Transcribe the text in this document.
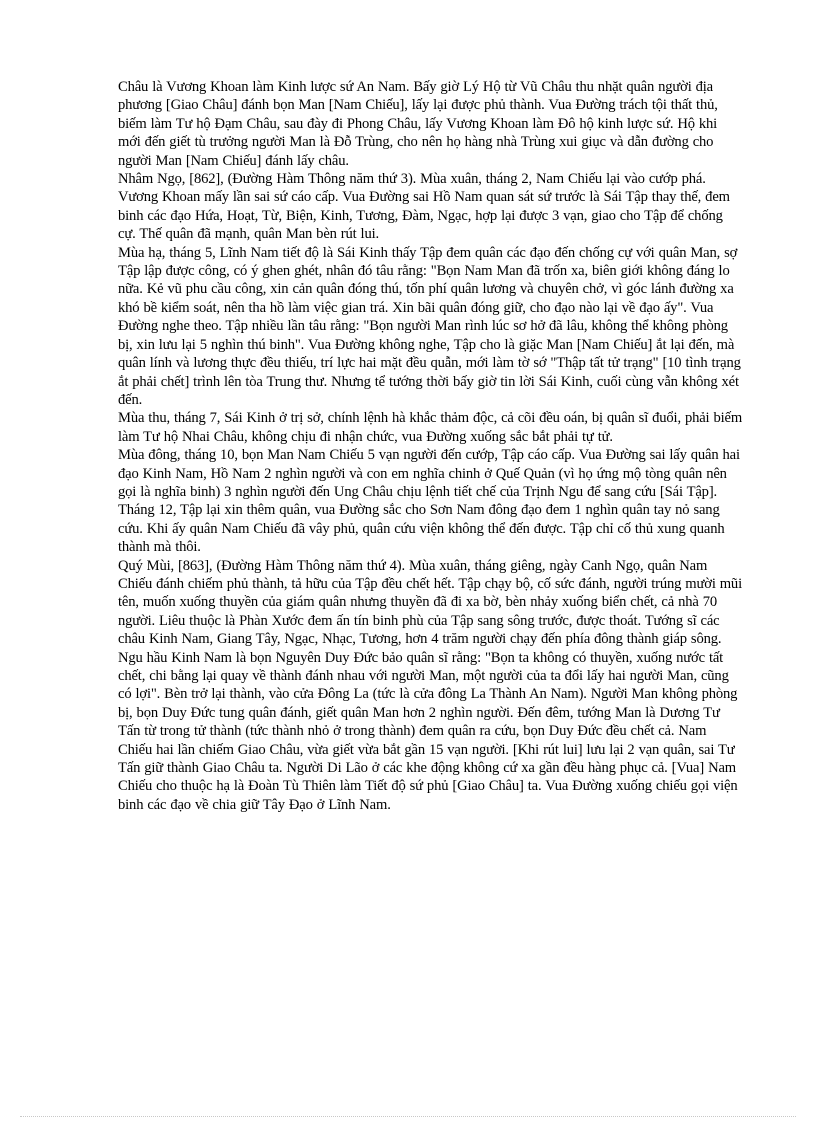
Châu là Vương Khoan làm Kinh lược sứ An Nam. Bấy giờ Lý Hộ từ Vũ Châu thu nhặt quân người địa phương [Giao Châu] đánh bọn Man [Nam Chiếu], lấy lại được phủ thành. Vua Đường trách tội thất thủ, biếm làm Tư hộ Đạm Châu, sau đày đi Phong Châu, lấy Vương Khoan làm Đô hộ kinh lược sứ. Hộ khi mới đến giết tù trưởng người Man là Đỗ Trùng, cho nên họ hàng nhà Trùng xui giục và dẫn đường cho người Man [Nam Chiếu] đánh lấy châu.

Nhâm Ngọ, [862], (Đường Hàm Thông năm thứ 3). Mùa xuân, tháng 2, Nam Chiếu lại vào cướp phá. Vương Khoan mấy lần sai sứ cáo cấp. Vua Đường sai Hồ Nam quan sát sứ trước là Sái Tập thay thế, đem binh các đạo Hứa, Hoạt, Từ, Biện, Kinh, Tương, Đàm, Ngạc, hợp lại được 3 vạn, giao cho Tập để chống cự. Thế quân đã mạnh, quân Man bèn rút lui.

Mùa hạ, tháng 5, Lĩnh Nam tiết độ là Sái Kinh thấy Tập đem quân các đạo đến chống cự với quân Man, sợ Tập lập được công, có ý ghen ghét, nhân đó tâu rằng: "Bọn Nam Man đã trốn xa, biên giới không đáng lo nữa. Kẻ vũ phu cầu công, xin cản quân đóng thú, tốn phí quân lương và chuyên chở, vì góc lánh đường xa khó bề kiểm soát, nên tha hồ làm việc gian trá. Xin bãi quân đóng giữ, cho đạo nào lại về đạo ấy". Vua Đường nghe theo. Tập nhiều lần tâu rằng: "Bọn người Man rình lúc sơ hở đã lâu, không thể không phòng bị, xin lưu lại 5 nghìn thú binh". Vua Đường không nghe, Tập cho là giặc Man [Nam Chiếu] ắt lại đến, mà quân lính và lương thực đều thiếu, trí lực hai mặt đều quẫn, mới làm tờ sớ "Thập tất tử trạng" [10 tình trạng ắt phải chết] trình lên tòa Trung thư. Nhưng tể tướng thời bấy giờ tin lời Sái Kinh, cuối cùng vẫn không xét đến.

Mùa thu, tháng 7, Sái Kinh ở trị sở, chính lệnh hà khắc thảm độc, cả cõi đều oán, bị quân sĩ đuổi, phải biếm làm Tư hộ Nhai Châu, không chịu đi nhận chức, vua Đường xuống sắc bắt phải tự tử.

Mùa đông, tháng 10, bọn Man Nam Chiếu 5 vạn người đến cướp, Tập cáo cấp. Vua Đường sai lấy quân hai đạo Kinh Nam, Hồ Nam 2 nghìn người và con em nghĩa chinh ở Quế Quản (vì họ ứng mộ tòng quân nên gọi là nghĩa binh) 3 nghìn người đến Ung Châu chịu lệnh tiết chế của Trịnh Ngu để sang cứu [Sái Tập]. Tháng 12, Tập lại xin thêm quân, vua Đường sắc cho Sơn Nam đông đạo đem 1 nghìn quân tay nỏ sang cứu. Khi ấy quân Nam Chiếu đã vây phủ, quân cứu viện không thể đến được. Tập chỉ cố thủ xung quanh thành mà thôi.

Quý Mùi, [863], (Đường Hàm Thông năm thứ 4). Mùa xuân, tháng giêng, ngày Canh Ngọ, quân Nam Chiếu đánh chiếm phủ thành, tả hữu của Tập đều chết hết. Tập chạy bộ, cố sức đánh, người trúng mười mũi tên, muốn xuống thuyền của giám quân nhưng thuyền đã đi xa bờ, bèn nhảy xuống biển chết, cả nhà 70 người. Liêu thuộc là Phàn Xước đem ấn tín binh phù của Tập sang sông trước, được thoát. Tướng sĩ các châu Kinh Nam, Giang Tây, Ngạc, Nhạc, Tương, hơn 4 trăm người chạy đến phía đông thành giáp sông. Ngu hầu Kinh Nam là bọn Nguyên Duy Đức bảo quân sĩ rằng: "Bọn ta không có thuyền, xuống nước tất chết, chi bằng lại quay về thành đánh nhau với người Man, một người của ta đổi lấy hai người Man, cũng có lợi". Bèn trở lại thành, vào cửa Đông La (tức là cửa đông La Thành An Nam). Người Man không phòng bị, bọn Duy Đức tung quân đánh, giết quân Man hơn 2 nghìn người. Đến đêm, tướng Man là Dương Tư Tấn từ trong tử thành (tức thành nhỏ ở trong thành) đem quân ra cứu, bọn Duy Đức đều chết cả. Nam Chiếu hai lần chiếm Giao Châu, vừa giết vừa bắt gần 15 vạn người. [Khi rút lui] lưu lại 2 vạn quân, sai Tư Tấn giữ thành Giao Châu ta. Người Di Lão ở các khe động không cứ xa gần đều hàng phục cả. [Vua] Nam Chiếu cho thuộc hạ là Đoàn Tù Thiên làm Tiết độ sứ phủ [Giao Châu] ta. Vua Đường xuống chiếu gọi viện binh các đạo về chia giữ Tây Đạo ở Lĩnh Nam.
